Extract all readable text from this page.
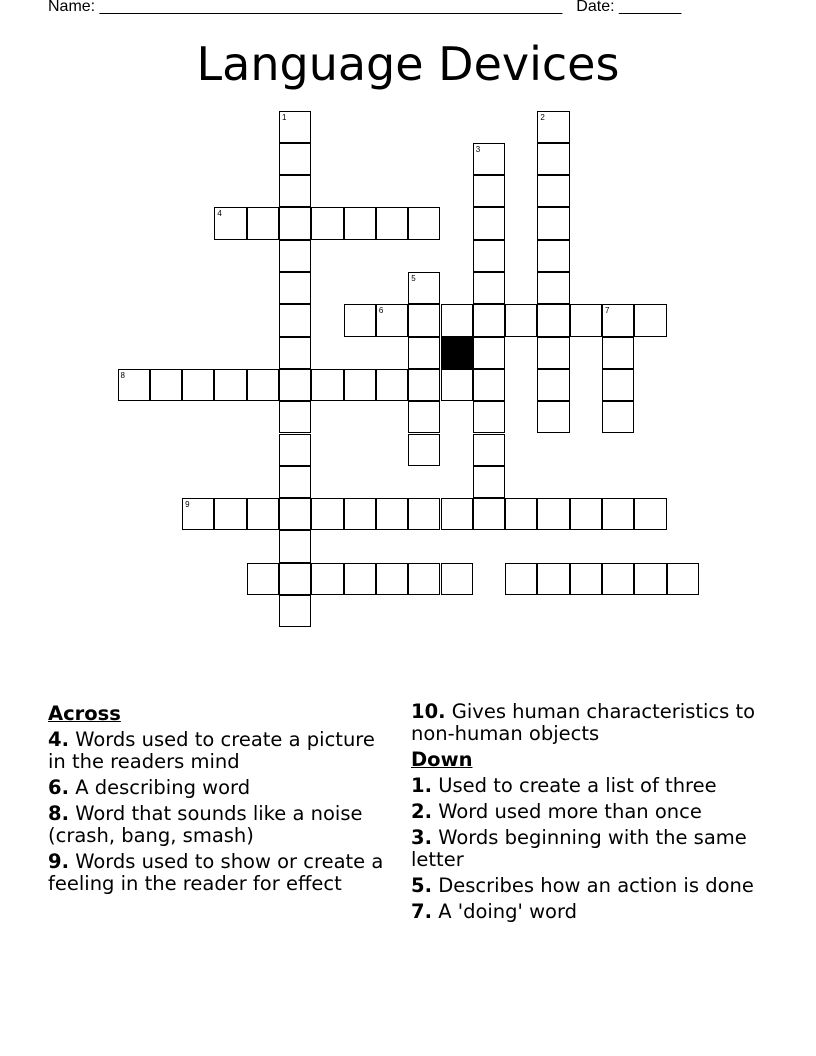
Name: ____________________________________________________ Date: _______
Language Devices
1	2
3
4
5
6	7
8
9
Across
4. Words used to create a picture in the readers mind
6. A describing word
8. Word that sounds like a noise (crash, bang, smash)
9. Words used to show or create a feeling in the reader for effect
10. Gives human characteristics to non-human objects
Down
1. Used to create a list of three
2. Word used more than once
3. Words beginning with the same letter
5. Describes how an action is done
7. A 'doing' word
